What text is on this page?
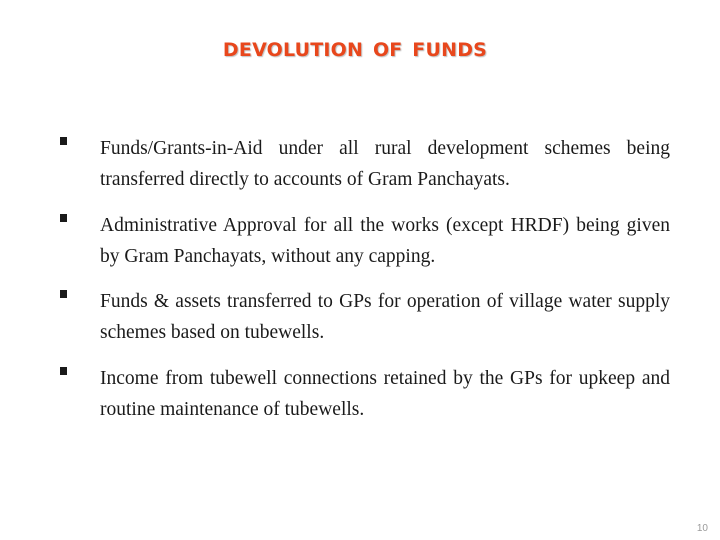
DEVOLUTION OF FUNDS
Funds/Grants-in-Aid under all rural development schemes being transferred directly to accounts of Gram Panchayats.
Administrative Approval for all the works (except HRDF) being given by Gram Panchayats, without any capping.
Funds & assets transferred to GPs for operation of village water supply schemes based on tubewells.
Income from tubewell connections retained by the GPs for upkeep and routine maintenance of tubewells.
10
